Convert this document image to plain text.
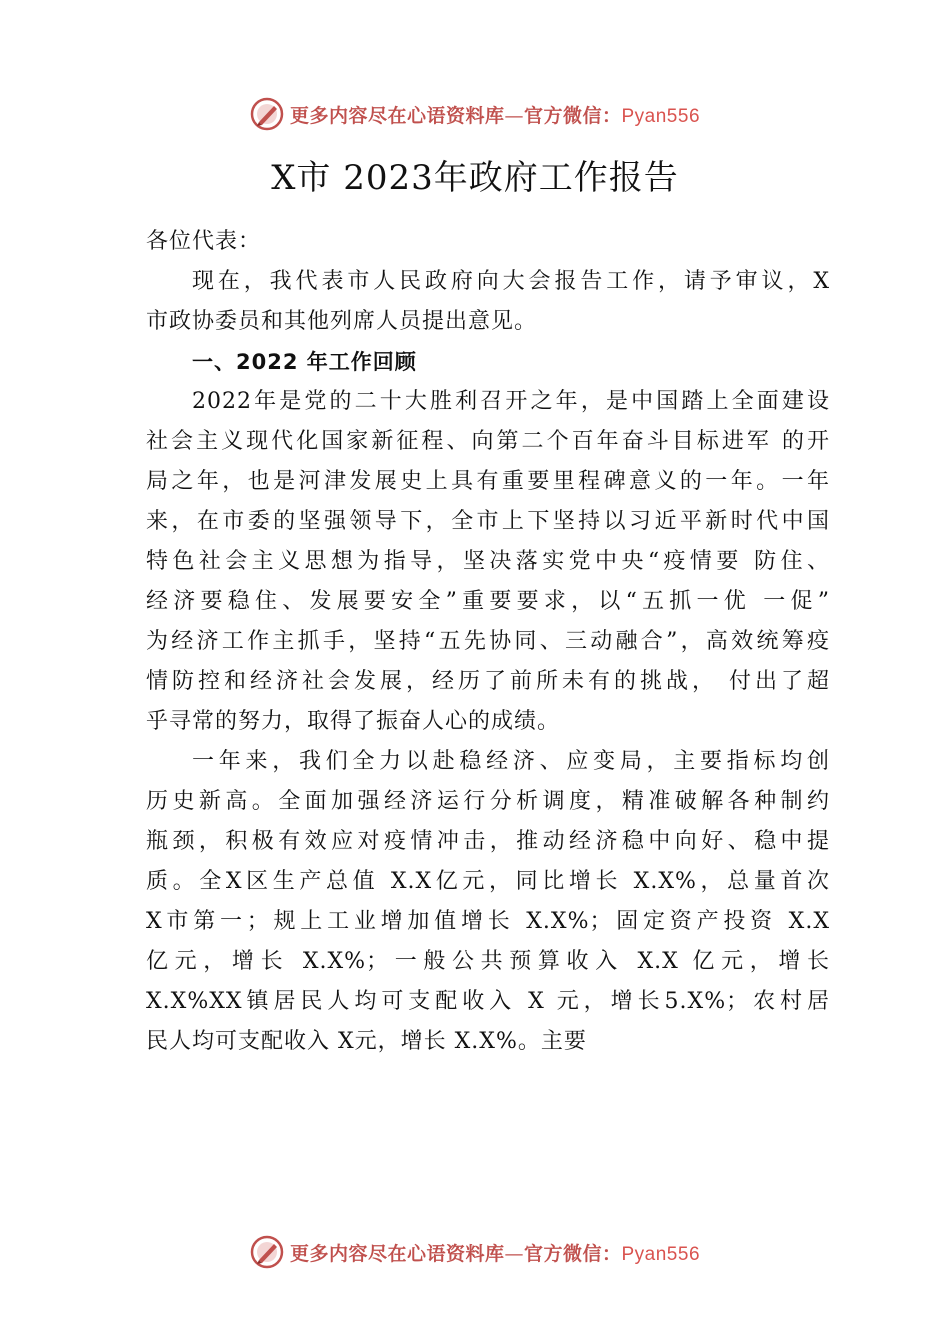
更多内容尽在心语资料库—官方微信：Pyan556
X市 2023年政府工作报告
各位代表：
现在，我代表市人民政府向大会报告工作，请予审议，X
市政协委员和其他列席人员提出意见。
一、2022 年工作回顾
2022年是党的二十大胜利召开之年，是中国踏上全面建设
社会主义现代化国家新征程、向第二个百年奋斗目标进军 的开
局之年，也是河津发展史上具有重要里程碑意义的一年。一年
来，在市委的坚强领导下，全市上下坚持以习近平新时代中国
特色社会主义思想为指导，坚决落实党中央“疫情要 防住、
经济要稳住、发展要安全”重要要求，以“五抓一优 一促”
为经济工作主抓手，坚持“五先协同、三动融合”，高效统筹疫
情防控和经济社会发展，经历了前所未有的挑战， 付出了超
乎寻常的努力，取得了振奋人心的成绩。
一年来，我们全力以赴稳经济、应变局，主要指标均创
历史新高。全面加强经济运行分析调度，精准破解各种制约
瓶颈，积极有效应对疫情冲击，推动经济稳中向好、稳中提
质。全X区生产总值 X.X亿元，同比增长 X.X%，总量首次
X市第一；规上工业增加值增长 X.X%；固定资产投资 X.X
亿元，增长 X.X%；一般公共预算收入 X.X 亿元，增长
X.X%XX镇居民人均可支配收入 X 元，增长5.X%；农村居
民人均可支配收入 X元，增长 X.X%。主要
更多内容尽在心语资料库—官方微信：Pyan556
